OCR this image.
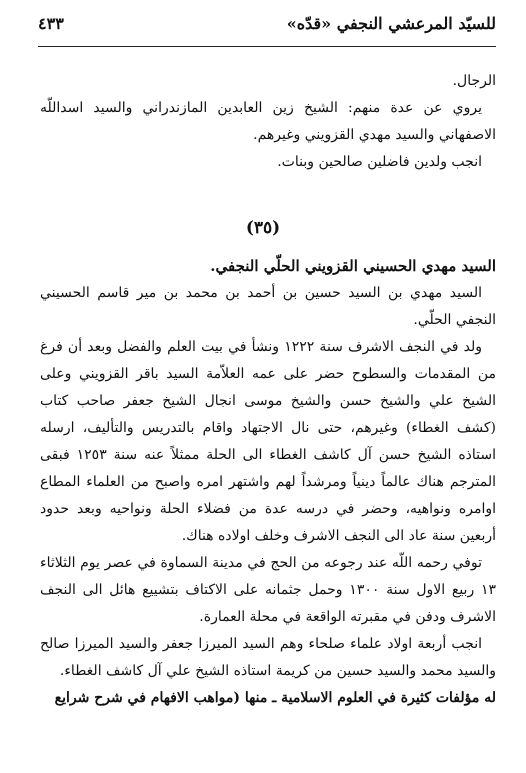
للسيّد المرعشي النجفي «قدّه»
٤٣٣

الرجال.

يروي عن عدة منهم: الشيخ زين العابدين المازندراني والسيد اسداللّه الاصفهاني والسيد مهدي القزويني وغيرهم.

انجب ولدين فاضلين صالحين وبنات.

(٣٥)

السيد مهدي الحسيني القزويني الحلّي النجفي.

السيد مهدي بن السيد حسين بن أحمد بن محمد بن مير قاسم الحسيني النجفي الحلّي.

ولد في النجف الاشرف سنة ١٢٢٢ ونشأ في بيت العلم والفضل وبعد أن فرغ من المقدمات والسطوح حضر على عمه العلاّمة السيد باقر القزويني وعلى الشيخ علي والشيخ حسن والشيخ موسى انجال الشيخ جعفر صاحب كتاب (كشف الغطاء) وغيرهم، حتى نال الاجتهاد واقام بالتدريس والتأليف، ارسله استاذه الشيخ حسن آل كاشف الغطاء الى الحلة ممثلاً عنه سنة ١٢٥٣ فبقى المترجم هناك عالماً دينياً ومرشداً لهم واشتهر امره واصبح من العلماء المطاع اوامره ونواهيه، وحضر في درسه عدة من فضلاء الحلة ونواحيه وبعد حدود أربعين سنة عاد الى النجف الاشرف وخلف اولاده هناك.

توفي رحمه اللّه عند رجوعه من الحج في مدينة السماوة في عصر يوم الثلاثاء ١٣ ربيع الاول سنة ١٣٠٠ وحمل جثمانه على الاكتاف بتشييع هائل الى النجف الاشرف ودفن في مقبرته الواقعة في محلة العمارة.

انجب أربعة اولاد علماء صلحاء وهم السيد الميرزا جعفر والسيد الميرزا صالح والسيد محمد والسيد حسين من كريمة استاذه الشيخ علي آل كاشف الغطاء.

له مؤلفات كثيرة في العلوم الاسلامية ـ منها (مواهب الافهام في شرح شرايع
